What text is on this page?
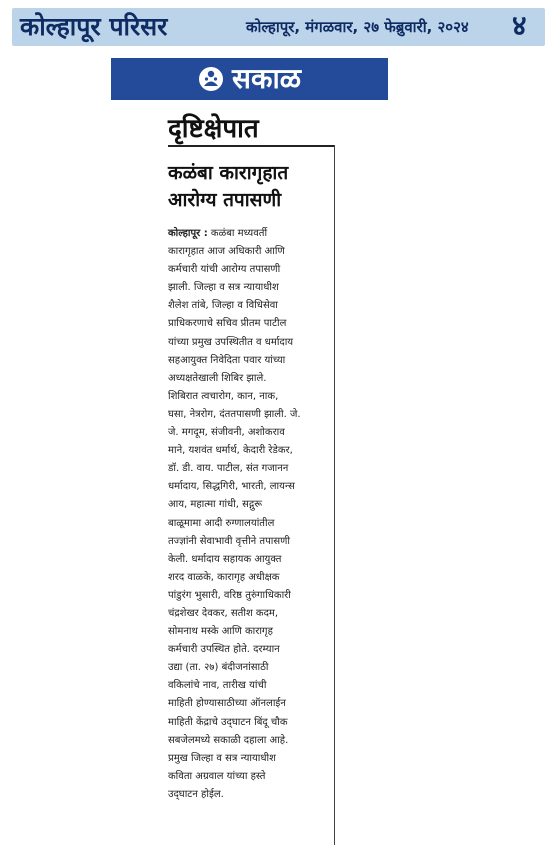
कोल्हापूर परिसर	कोल्हापूर, मंगळवार, २७ फेब्रुवारी, २०२४ ४
सकाळ
दृष्टिक्षेपात
कळंबा कारागृहात
आरोग्य तपासणी
कोल्हापूर : कळंबा मध्यवर्ती
कारागृहात आज अधिकारी आणि
कर्मचारी यांची आरोग्य तपासणी
झाली. जिल्हा व सत्र न्यायाधीश
शैलेश तांबे, जिल्हा व विधिसेवा
प्राधिकरणाचे सचिव प्रीतम पाटील
यांच्या प्रमुख उपस्थितीत व धर्मादाय
सहआयुक्त निवेदिता पवार यांच्या
अध्यक्षतेखाली शिबिर झाले.
शिबिरात त्वचारोग, कान, नाक,
घसा, नेत्ररोग, दंततपासणी झाली. जे.
जे. मगदूम, संजीवनी, अशोकराव
माने, यशवंत धर्मार्थ, केदारी रेडेकर,
डॉ. डी. वाय. पाटील, संत गजानन
धर्मादाय, सिद्धगिरी, भारती, लायन्स
आय, महात्मा गांधी, सद्गुरू
बाळूमामा आदी रुग्णालयांतील
तज्ज्ञांनी सेवाभावी वृत्तीने तपासणी
केली. धर्मादाय सहायक आयुक्त
शरद वाळके, कारागृह अधीक्षक
पांडुरंग भुसारी, वरिष्ठ तुरुंगाधिकारी
चंद्रशेखर देवकर, सतीश कदम,
सोमनाथ मस्के आणि कारागृह
कर्मचारी उपस्थित होते. दरम्यान
उद्या (ता. २७) बंदीजनांसाठी
वकिलांचे नाव, तारीख यांची
माहिती होण्यासाठीच्या ऑनलाईन
माहिती केंद्राचे उद्‍घाटन बिंदू चौक
सबजेलमध्ये सकाळी दहाला आहे.
प्रमुख जिल्हा व सत्र न्यायाधीश
कविता अग्रवाल यांच्या हस्ते
उद्‍घाटन होईल.
